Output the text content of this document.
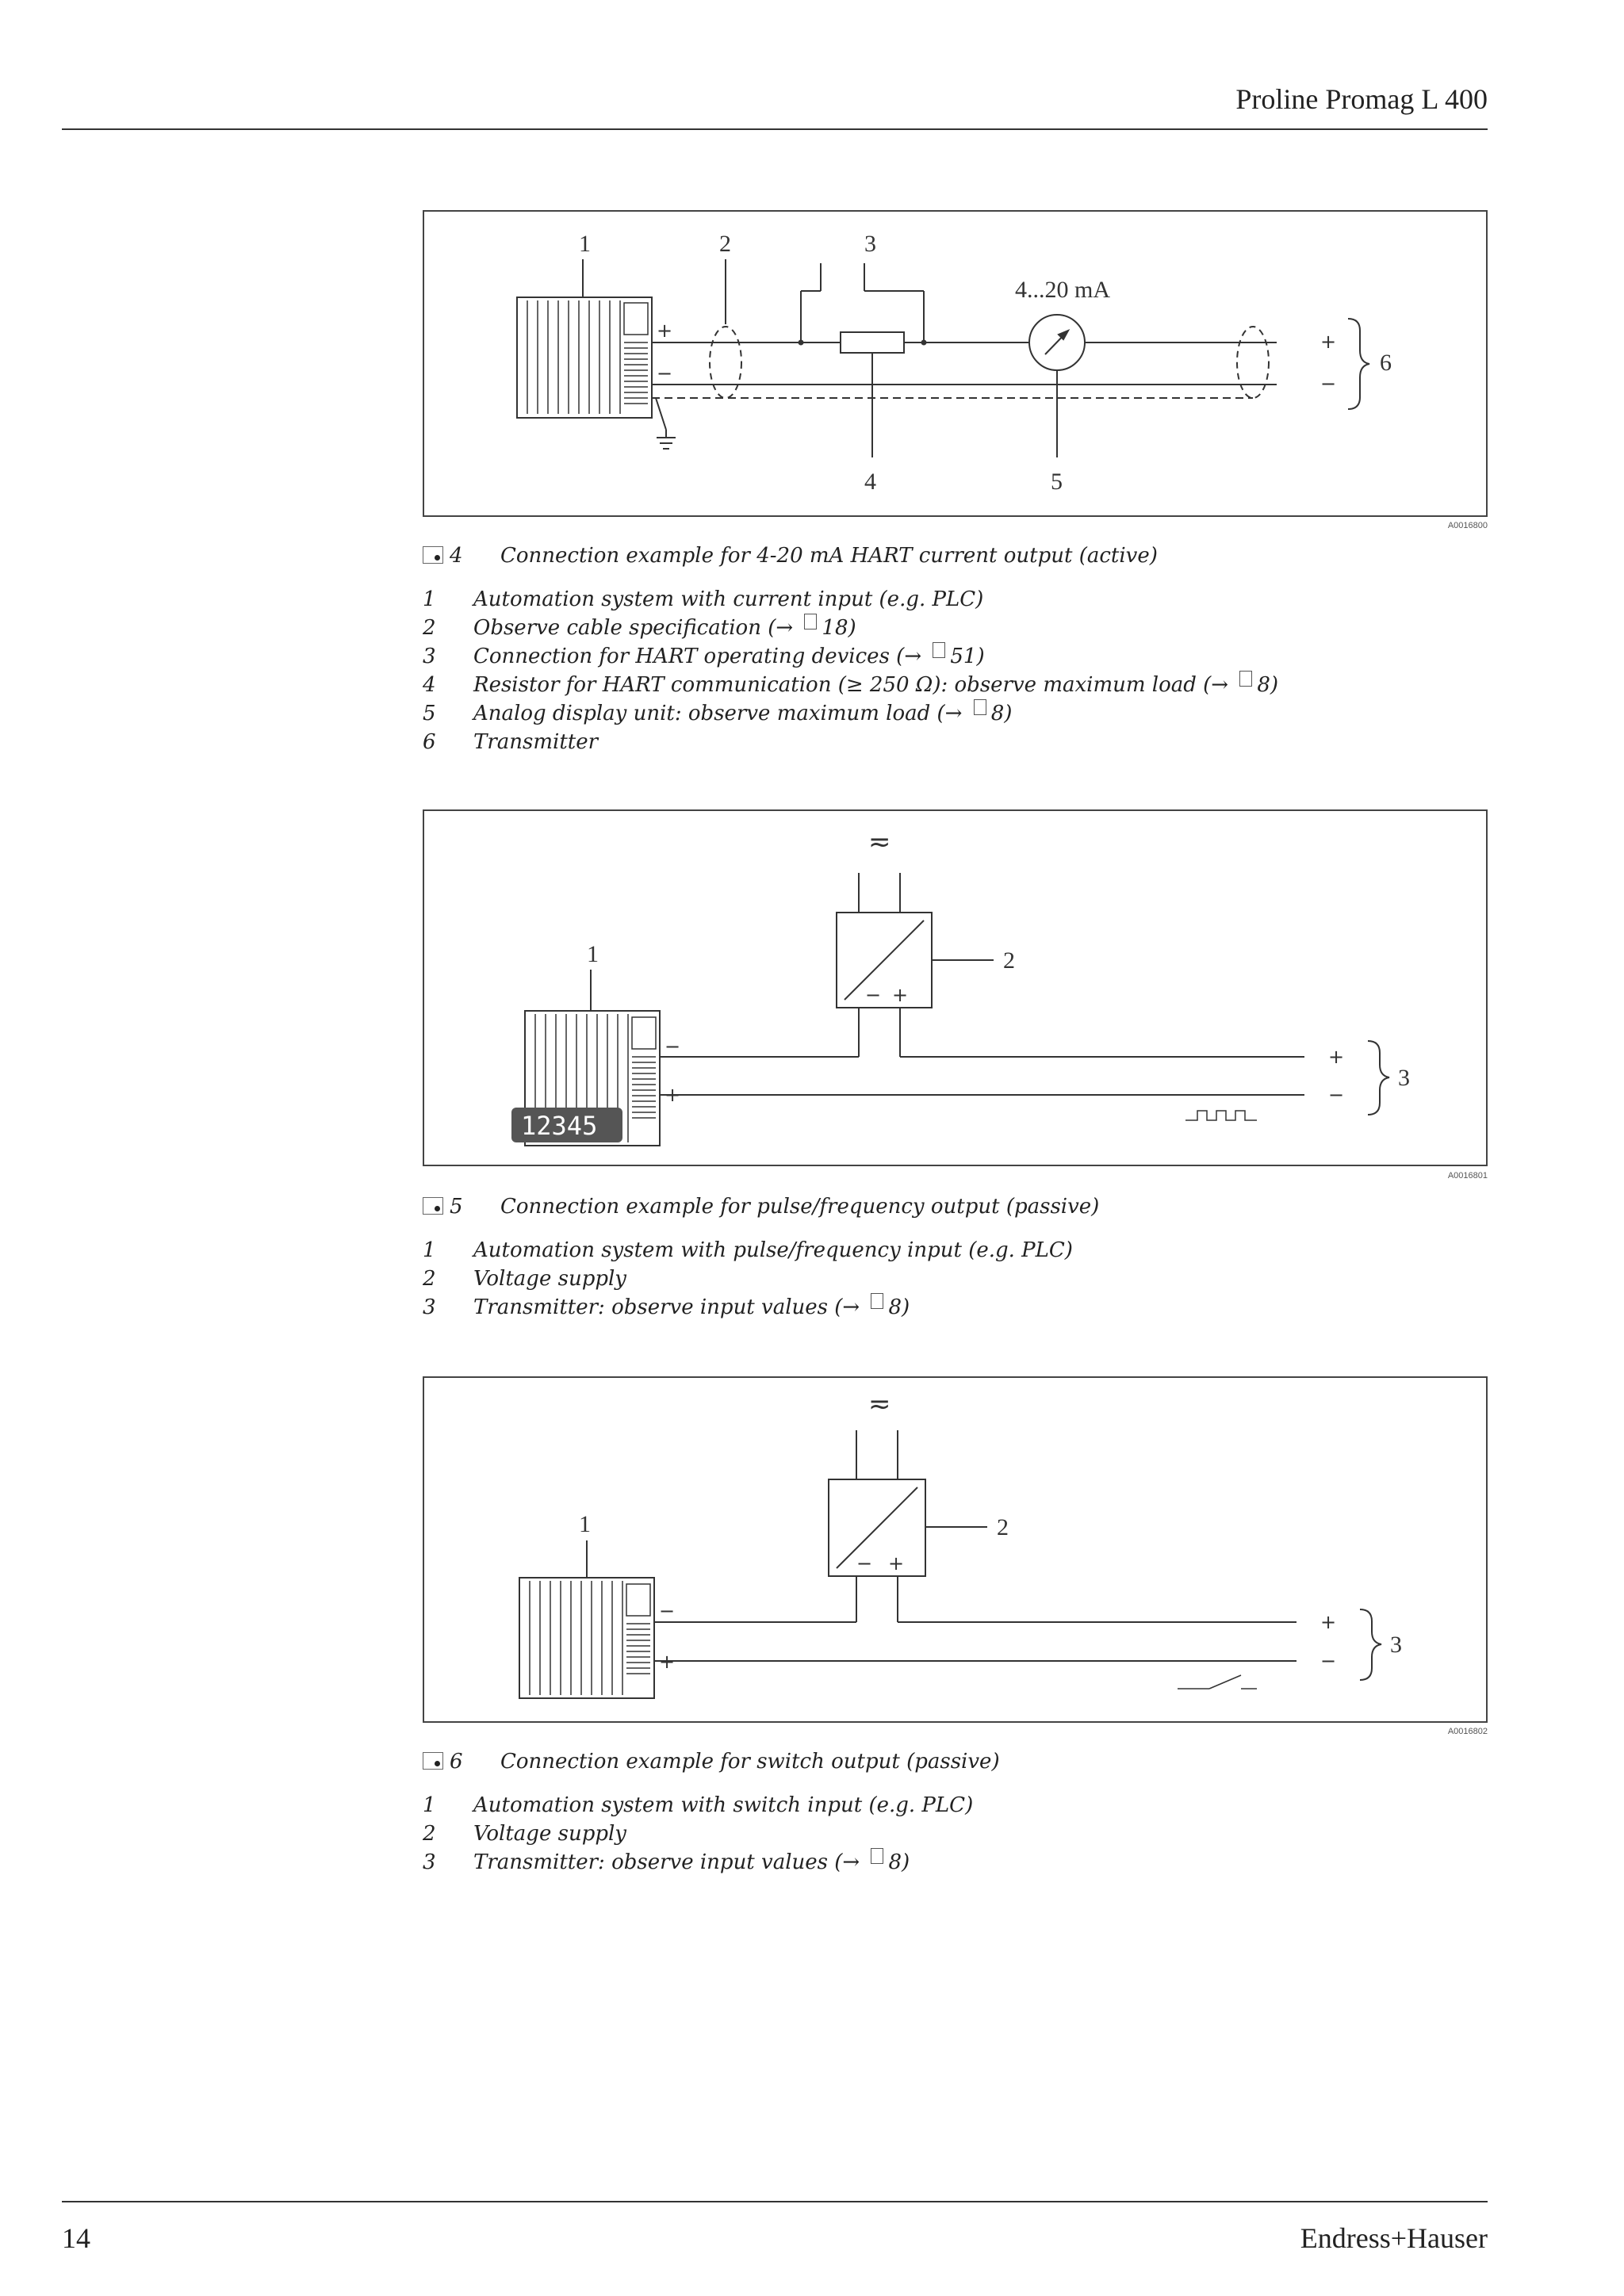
Proline Promag L 400
+
−
+
−
1	2	3
4	5
6
4...20 mA
A0016800
4 Connection example for 4-20 mA HART current output (active)
1	Automation system with current input (e.g. PLC)
2	Observe cable specification (→
18 )
3	Connection for HART operating devices (→
51 )
4	Resistor for HART communication (≥ 250 Ω): observe maximum load (→
8 )
5	Analog display unit: observe maximum load (→
8 )
6	Transmitter
12345
− +
≂
−
+
+
−
1	2
3
A0016801
5 Connection example for pulse/frequency output (passive)
1	Automation system with pulse/frequency input (e.g. PLC)
2	Voltage supply
3	Transmitter: observe input values (→
8 )
− +
≂
−
+
+
−
1	2
3
A0016802
6 Connection example for switch output (passive)
1	Automation system with switch input (e.g. PLC)
2	Voltage supply
3	Transmitter: observe input values (→
8 )
14	Endress+Hauser
